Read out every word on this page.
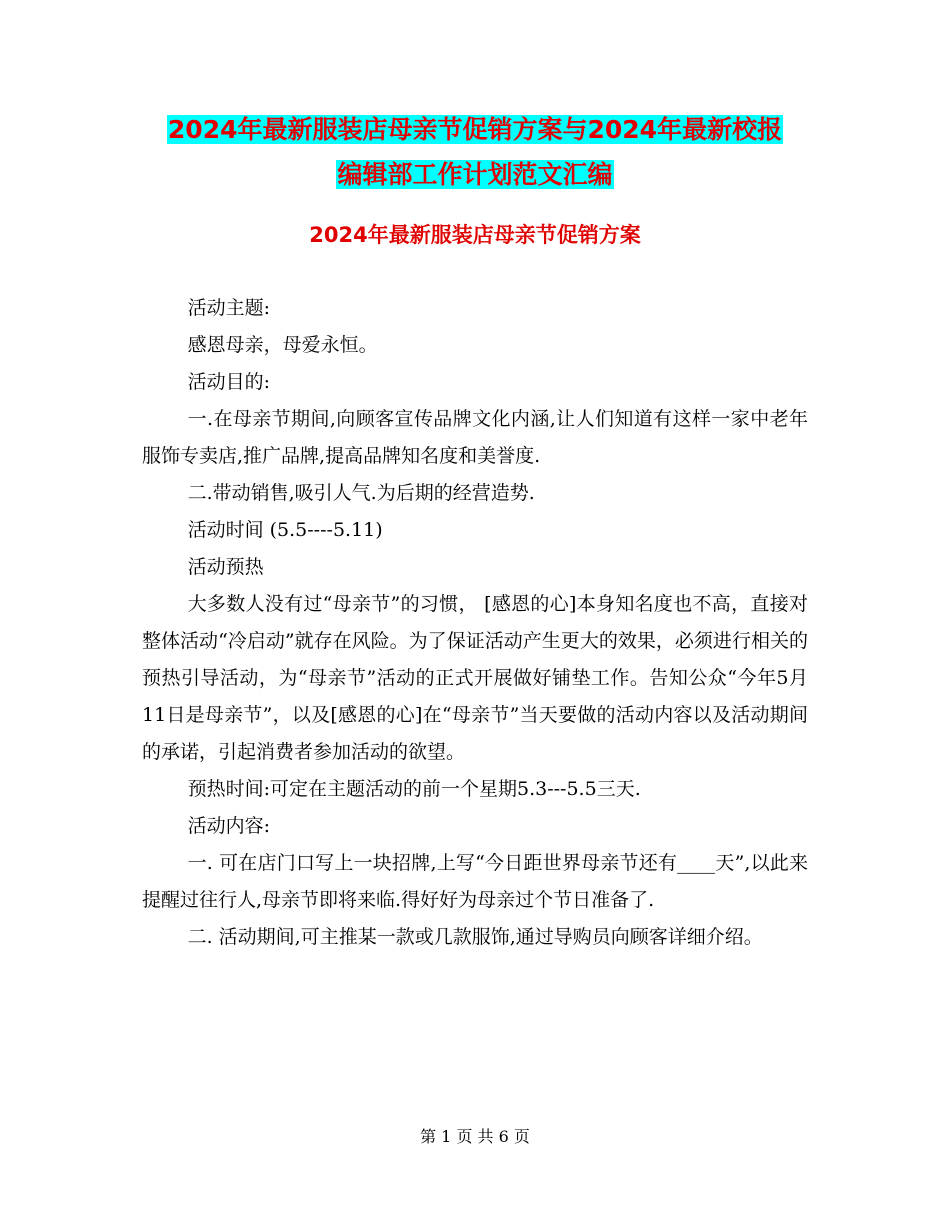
2024年最新服装店母亲节促销方案与2024年最新校报
编辑部工作计划范文汇编
2024年最新服装店母亲节促销方案

活动主题:

感恩母亲，母爱永恒。

活动目的:

一.在母亲节期间,向顾客宣传品牌文化内涵,让人们知道有这样一家中老年服饰专卖店,推广品牌,提高品牌知名度和美誉度.

二.带动销售,吸引人气.为后期的经营造势.

活动时间 (5.5----5.11)

活动预热

大多数人没有过“母亲节”的习惯， [感恩的心]本身知名度也不高，直接对整体活动“冷启动”就存在风险。为了保证活动产生更大的效果，必须进行相关的预热引导活动，为“母亲节”活动的正式开展做好铺垫工作。告知公众“今年5月11日是母亲节”，以及[感恩的心]在“母亲节”当天要做的活动内容以及活动期间的承诺，引起消费者参加活动的欲望。

预热时间:可定在主题活动的前一个星期5.3---5.5三天.

活动内容:

一. 可在店门口写上一块招牌,上写“今日距世界母亲节还有____天”,以此来提醒过往行人,母亲节即将来临.得好好为母亲过个节日准备了.

二. 活动期间,可主推某一款或几款服饰,通过导购员向顾客详细介绍。

第 1 页 共 6 页
